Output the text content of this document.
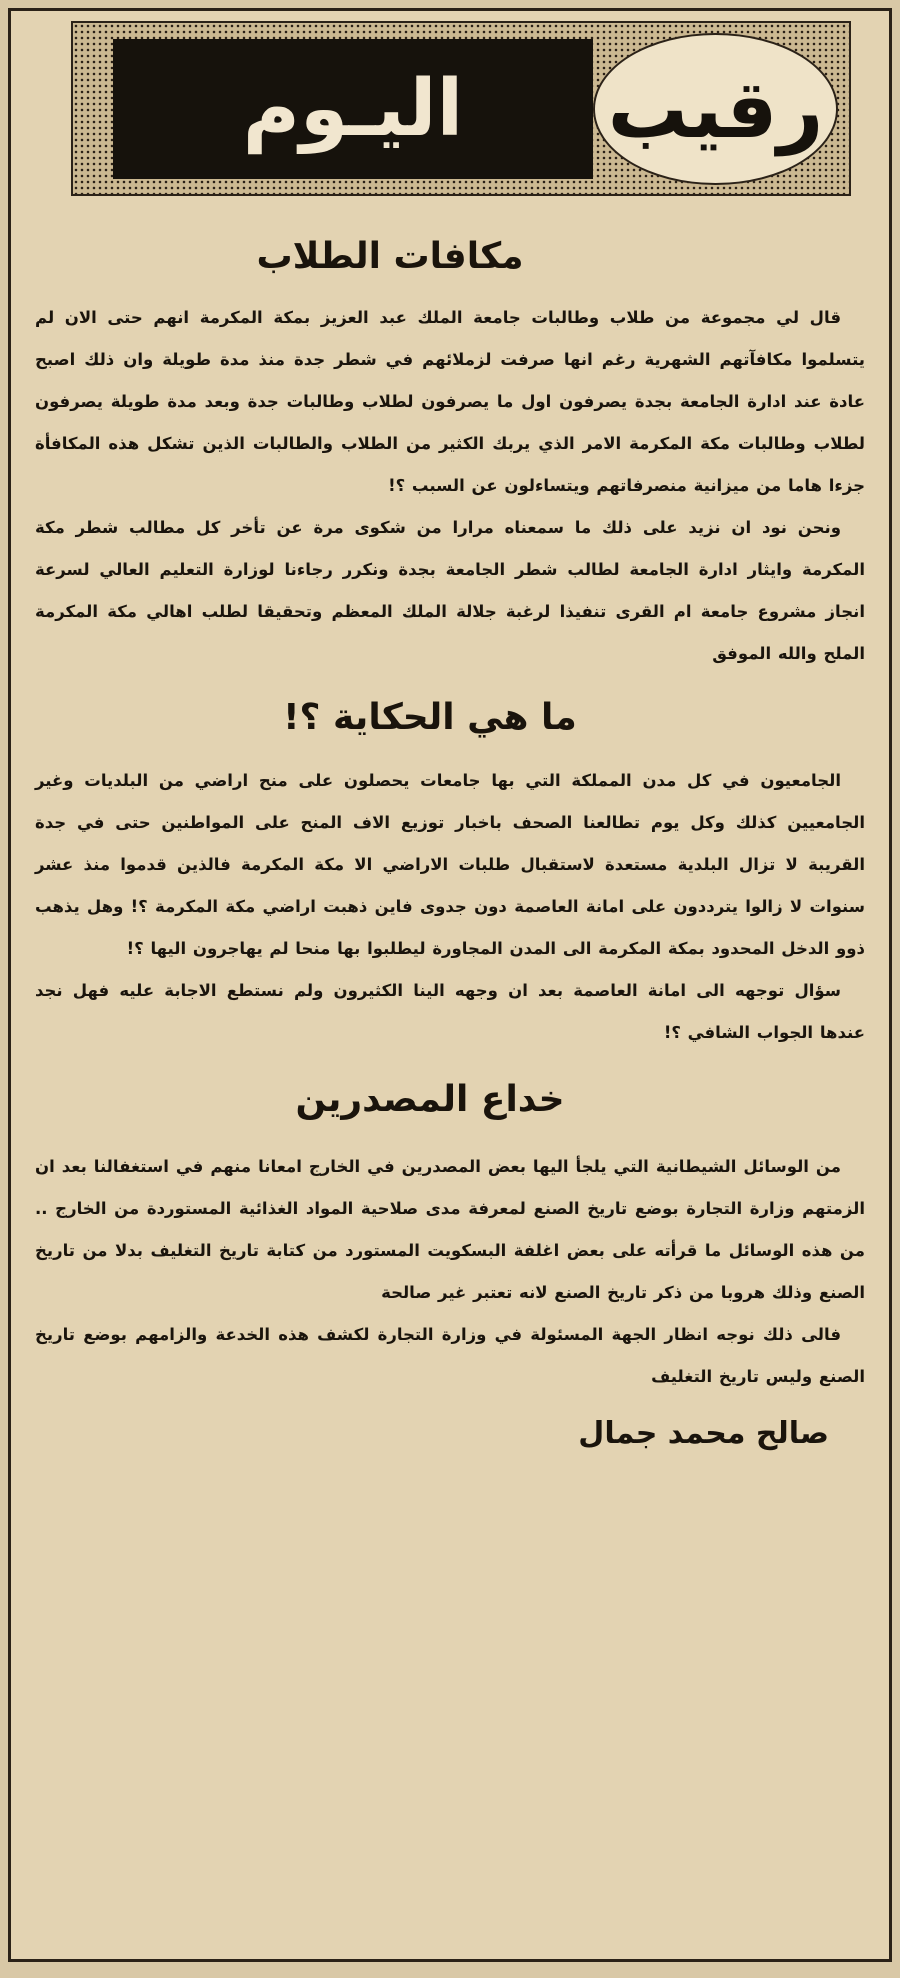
اليـوم	رقيب
مكافات الطلاب

قال لي مجموعة من طلاب وطالبات جامعة الملك عبد العزيز بمكة المكرمة انهم حتى الان لم يتسلموا مكافآتهم الشهرية رغم انها صرفت لزملائهم في شطر جدة منذ مدة طويلة وان ذلك اصبح عادة عند ادارة الجامعة بجدة يصرفون اول ما يصرفون لطلاب وطالبات جدة وبعد مدة طويلة يصرفون لطلاب وطالبات مكة المكرمة الامر الذي يربك الكثير من الطلاب والطالبات الذين تشكل هذه المكافأة جزءا هاما من ميزانية منصرفاتهم ويتساءلون عن السبب ؟!

ونحن نود ان نزيد على ذلك ما سمعناه مرارا من شكوى مرة عن تأخر كل مطالب شطر مكة المكرمة وايثار ادارة الجامعة لطالب شطر الجامعة بجدة ونكرر رجاءنا لوزارة التعليم العالي لسرعة انجاز مشروع جامعة ام القرى تنفيذا لرغبة جلالة الملك المعظم وتحقيقا لطلب اهالي مكة المكرمة الملح والله الموفق

ما هي الحكاية ؟!

الجامعيون في كل مدن المملكة التي بها جامعات يحصلون على منح اراضي من البلديات وغير الجامعيين كذلك وكل يوم تطالعنا الصحف باخبار توزيع الاف المنح على المواطنين حتى في جدة القريبة لا تزال البلدية مستعدة لاستقبال طلبات الاراضي الا مكة المكرمة فالذين قدموا منذ عشر سنوات لا زالوا يترددون على امانة العاصمة دون جدوى فاين ذهبت اراضي مكة المكرمة ؟! وهل يذهب ذوو الدخل المحدود بمكة المكرمة الى المدن المجاورة ليطلبوا بها منحا لم يهاجرون اليها ؟!

سؤال توجهه الى امانة العاصمة بعد ان وجهه الينا الكثيرون ولم نستطع الاجابة عليه فهل نجد عندها الجواب الشافي ؟!

خداع المصدرين

من الوسائل الشيطانية التي يلجأ اليها بعض المصدرين في الخارج امعانا منهم في استغفالنا بعد ان الزمتهم وزارة التجارة بوضع تاريخ الصنع لمعرفة مدى صلاحية المواد الغذائية المستوردة من الخارج .. من هذه الوسائل ما قرأته على بعض اغلفة البسكويت المستورد من كتابة تاريخ التغليف بدلا من تاريخ الصنع وذلك هروبا من ذكر تاريخ الصنع لانه تعتبر غير صالحة

فالى ذلك نوجه انظار الجهة المسئولة في وزارة التجارة لكشف هذه الخدعة والزامهم بوضع تاريخ الصنع وليس تاريخ التغليف

صالح محمد جمال
